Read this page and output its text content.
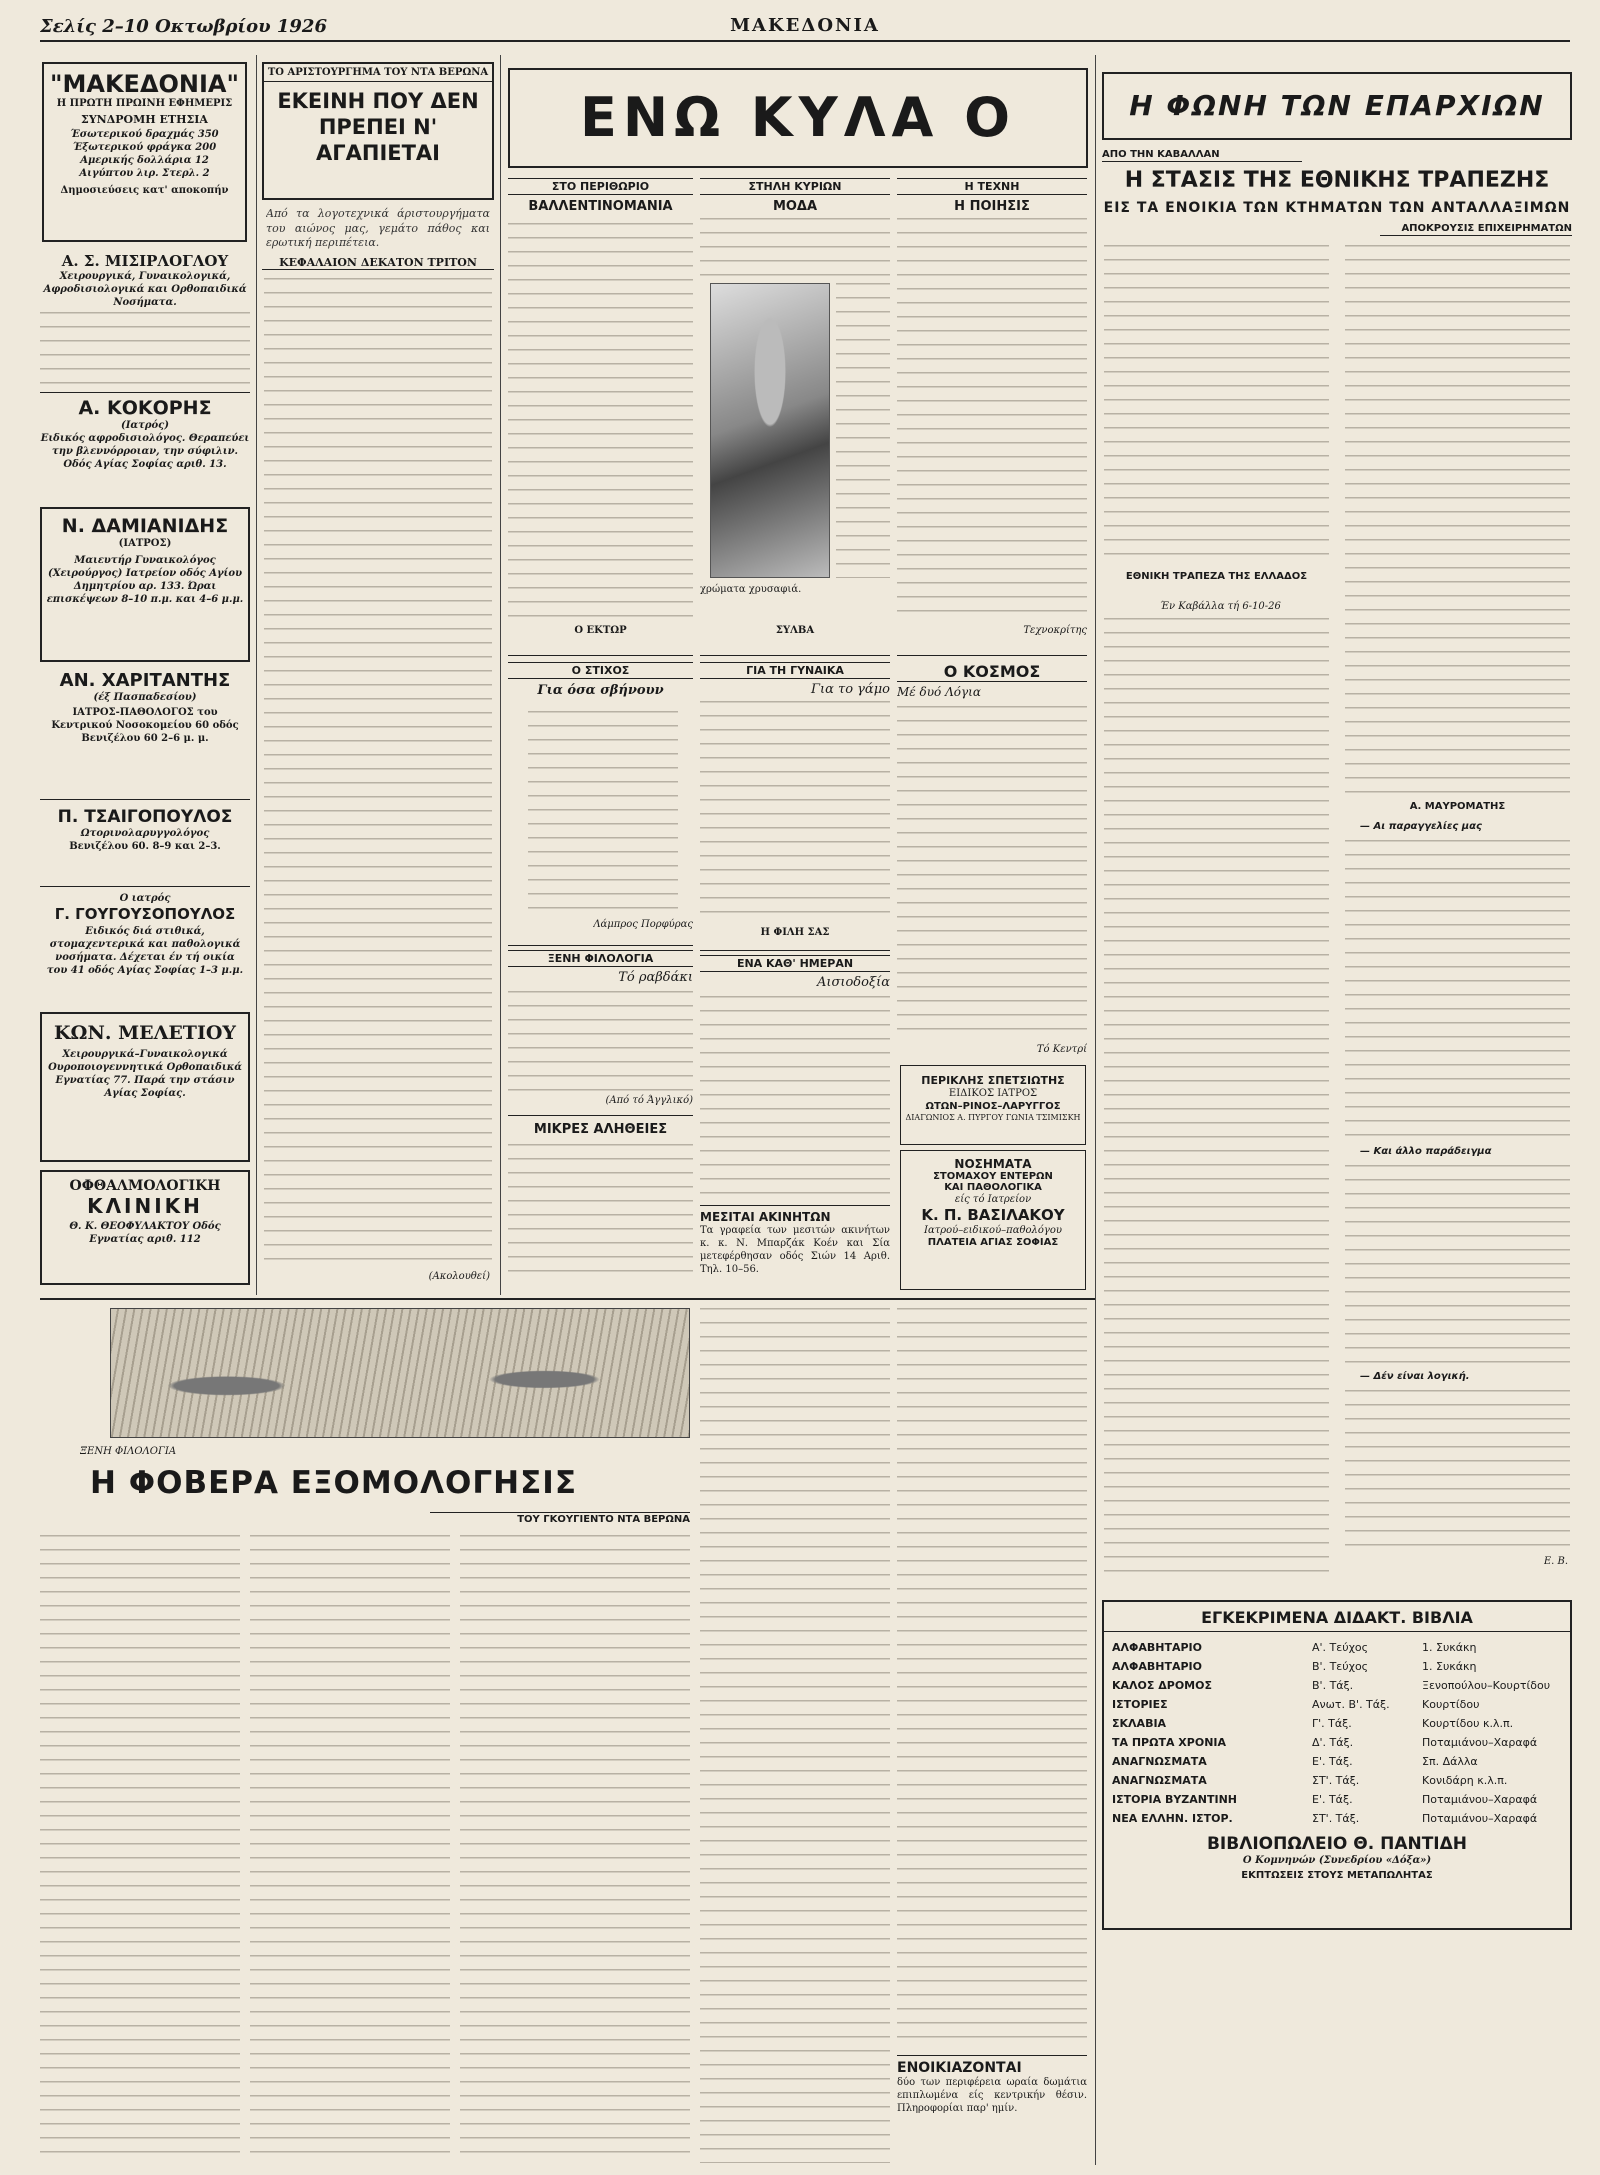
Σελίς 2–10 Οκτωβρίου 1926	ΜΑΚΕΔΟΝΙΑ
"ΜΑΚΕΔΟΝΙΑ"
Η ΠΡΩΤΗ ΠΡΩΙΝΗ ΕΦΗΜΕΡΙΣ
ΣΥΝΔΡΟΜΗ ΕΤΗΣΙΑ
Έσωτερικού δραχμάς 350
Έξωτερικού φράγκα 200
Αμερικής δολλάρια 12
Αιγύπτου λιρ. Στερλ. 2
Δημοσιεύσεις κατ' αποκοπήν
Α. Σ. ΜΙΣΙΡΛΟΓΛΟΥ
Χειρουργικά, Γυναικολογικά, Αφροδισιολογικά και Ορθοπαιδικά Νοσήματα.
Α. ΚΟΚΟΡΗΣ
(Ιατρός)
Ειδικός αφροδισιολόγος. Θεραπεύει την βλεννόρροιαν, την σύφιλιν. Οδός Αγίας Σοφίας αριθ. 13.
Ν. ΔΑΜΙΑΝΙΔΗΣ
(ΙΑΤΡΟΣ)
Μαιευτήρ Γυναικολόγος (Χειρούργος) Ιατρείον οδός Αγίου Δημητρίου αρ. 133. Ώραι επισκέψεων 8–10 π.μ. και 4–6 μ.μ.
ΑΝ. ΧΑΡΙΤΑΝΤΗΣ
(έξ Πασπαδεσίου)
ΙΑΤΡΟΣ-ΠΑΘΟΛΟΓΟΣ του Κεντρικού Νοσοκομείου 60 οδός Βενιζέλου 60 2–6 μ. μ.
Π. ΤΣΑΙΓΟΠΟΥΛΟΣ
Ωτορινολαρυγγολόγος
Βενιζέλου 60. 8–9 και 2–3.
Ο ιατρός
Γ. ΓΟΥΓΟΥΣΟΠΟΥΛΟΣ
Ειδικός διά στιθικά, στομαχεντερικά και παθολογικά νοσήματα. Δέχεται έν τή οικία του 41 οδός Αγίας Σοφίας 1–3 μ.μ.
ΚΩΝ. ΜΕΛΕΤΙΟΥ
Χειρουργικά–Γυναικολογικά Ουροποιογεννητικά Ορθοπαιδικά Εγνατίας 77. Παρά την στάσιν Αγίας Σοφίας.
ΟΦΘΑΛΜΟΛΟΓΙΚΗ
ΚΛΙΝΙΚΗ
Θ. Κ. ΘΕΟΦΥΛΑΚΤΟΥ Οδός Εγνατίας αριθ. 112
ΤΟ ΑΡΙΣΤΟΥΡΓΗΜΑ ΤΟΥ ΝΤΑ ΒΕΡΩΝΑ
ΕΚΕΙΝΗ ΠΟΥ ΔΕΝ ΠΡΕΠΕΙ Ν' ΑΓΑΠΙΕΤΑΙ
Από τα λογοτεχνικά άριστουργήματα του αιώνος μας, γεμάτο πάθος και ερωτική περιπέτεια.
ΚΕΦΑΛΑΙΟΝ ΔΕΚΑΤΟΝ ΤΡΙΤΟΝ
(Ακολουθεί)
ΕΝΩ ΚΥΛΑ Ο
ΣΤΟ ΠΕΡΙΘΩΡΙΟ
ΒΑΛΛΕΝΤΙΝΟΜΑΝΙΑ
Ο ΕΚΤΩΡ
ΣΤΗΛΗ ΚΥΡΙΩΝ
ΜΟΔΑ
χρώματα χρυσαφιά.
ΣΥΛΒΑ
Η ΤΕΧΝΗ
Η ΠΟΙΗΣΙΣ
Τεχνοκρίτης
Ο ΣΤΙΧΟΣ
Για όσα σβήνουν
Λάμπρος Πορφύρας
ΞΕΝΗ ΦΙΛΟΛΟΓΙΑ
Τό ραβδάκι
(Από τό Άγγλικό)
ΜΙΚΡΕΣ ΑΛΗΘΕΙΕΣ
ΓΙΑ ΤΗ ΓΥΝΑΙΚΑ
Για το γάμο
Η ΦΙΛΗ ΣΑΣ
ΕΝΑ ΚΑΘ' ΗΜΕΡΑΝ
Αισιοδοξία
ΜΕΣΙΤΑΙ ΑΚΙΝΗΤΩΝ
Τα γραφεία των μεσιτών ακινήτων κ. κ. Ν. Μπαρζάκ Κοέν και Σία μετεφέρθησαν οδός Σιών 14 Αριθ. Τηλ. 10–56.
Ο ΚΟΣΜΟΣ
Μέ δυό Λόγια
Τό Κεντρί
ΠΕΡΙΚΛΗΣ ΣΠΕΤΣΙΩΤΗΣ
ΕΙΔΙΚΟΣ ΙΑΤΡΟΣ
ΩΤΩΝ–ΡΙΝΟΣ–ΛΑΡΥΓΓΟΣ
ΔΙΑΓΩΝΙΟΣ Α. ΠΥΡΓΟΥ ΓΩΝΙΑ ΤΣΙΜΙΣΚΗ
ΝΟΣΗΜΑΤΑ
ΣΤΟΜΑΧΟΥ ΕΝΤΕΡΩΝ
ΚΑΙ ΠΑΘΟΛΟΓΙΚΑ
είς τό Ιατρείον
Κ. Π. ΒΑΣΙΛΑΚΟΥ
Ιατρού–ειδικού–παθολόγου
ΠΛΑΤΕΙΑ ΑΓΙΑΣ ΣΟΦΙΑΣ
Η ΦΩΝΗ ΤΩΝ ΕΠΑΡΧΙΩΝ
ΑΠΟ ΤΗΝ ΚΑΒΑΛΛΑΝ
Η ΣΤΑΣΙΣ ΤΗΣ ΕΘΝΙΚΗΣ ΤΡΑΠΕΖΗΣ
ΕΙΣ ΤΑ ΕΝΟΙΚΙΑ ΤΩΝ ΚΤΗΜΑΤΩΝ ΤΩΝ ΑΝΤΑΛΛΑΞΙΜΩΝ
ΑΠΟΚΡΟΥΣΙΣ ΕΠΙΧΕΙΡΗΜΑΤΩΝ
ΕΘΝΙΚΗ ΤΡΑΠΕΖΑ ΤΗΣ ΕΛΛΑΔΟΣ
Έν Καβάλλα τή 6-10-26
Α. ΜΑΥΡΟΜΑΤΗΣ
— Αι παραγγελίες μας
— Και άλλο παράδειγμα
— Δέν είναι λογική.
Ε. Β.
ΕΓΚΕΚΡΙΜΕΝΑ ΔΙΔΑΚΤ. ΒΙΒΛΙΑ
ΑΛΦΑΒΗΤΑΡΙΟ	Α'. Τεύχος	1. Συκάκη
ΑΛΦΑΒΗΤΑΡΙΟ	Β'. Τεύχος	1. Συκάκη
ΚΑΛΟΣ ΔΡΟΜΟΣ	Β'. Τάξ.	Ξενοπούλου–Κουρτίδου
ΙΣΤΟΡΙΕΣ	Ανωτ. Β'. Τάξ.	Κουρτίδου
ΣΚΛΑΒΙΑ	Γ'. Τάξ.	Κουρτίδου κ.λ.π.
ΤΑ ΠΡΩΤΑ ΧΡΟΝΙΑ	Δ'. Τάξ.	Ποταμιάνου–Χαραφά
ΑΝΑΓΝΩΣΜΑΤΑ	Ε'. Τάξ.	Σπ. Δάλλα
ΑΝΑΓΝΩΣΜΑΤΑ	ΣΤ'. Τάξ.	Κονιδάρη κ.λ.π.
ΙΣΤΟΡΙΑ ΒΥΖΑΝΤΙΝΗ	Ε'. Τάξ.	Ποταμιάνου–Χαραφά
ΝΕΑ ΕΛΛΗΝ. ΙΣΤΟΡ.	ΣΤ'. Τάξ.	Ποταμιάνου–Χαραφά
ΒΙΒΛΙΟΠΩΛΕΙΟ Θ. ΠΑΝΤΙΔΗ
Ο Κομνηνών (Συνεδρίου «Δόξα»)
ΕΚΠΤΩΣΕΙΣ ΣΤΟΥΣ ΜΕΤΑΠΩΛΗΤΑΣ
ΞΕΝΗ ΦΙΛΟΛΟΓΙΑ
Η ΦΟΒΕΡΑ ΕΞΟΜΟΛΟΓΗΣΙΣ
ΤΟΥ ΓΚΟΥΓΙΕΝΤΟ ΝΤΑ ΒΕΡΩΝΑ
ΕΝΟΙΚΙΑΖΟΝΤΑΙ
δύο των περιφέρεια ωραία δωμάτια επιπλωμένα είς κεντρικήν θέσιν. Πληροφορίαι παρ' ημίν.
